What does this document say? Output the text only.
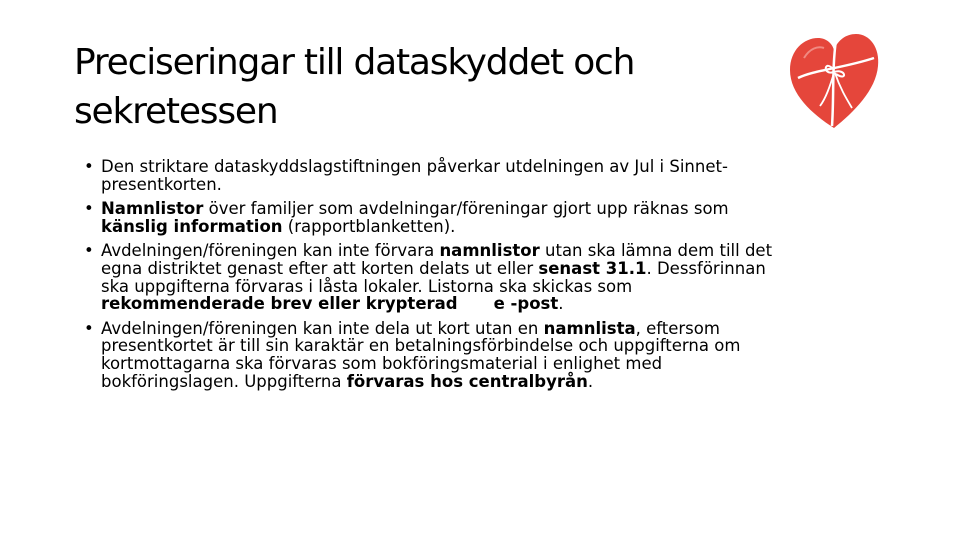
Preciseringar till dataskyddet och sekretessen
• Den striktare dataskyddslagstiftningen påverkar utdelningen av Jul i Sinnet-presentkorten.
• Namnlistor över familjer som avdelningar/föreningar gjort upp räknas som känslig information (rapportblanketten).
• Avdelningen/föreningen kan inte förvara namnlistor utan ska lämna dem till det egna distriktet genast efter att korten delats ut eller senast 31.1. Dessförinnan ska uppgifterna förvaras i låsta lokaler. Listorna ska skickas som rekommenderade brev eller krypterad e -post.
• Avdelningen/föreningen kan inte dela ut kort utan en namnlista, eftersom presentkortet är till sin karaktär en betalningsförbindelse och uppgifterna om kortmottagarna ska förvaras som bokföringsmaterial i enlighet med bokföringslagen. Uppgifterna förvaras hos centralbyrån.
